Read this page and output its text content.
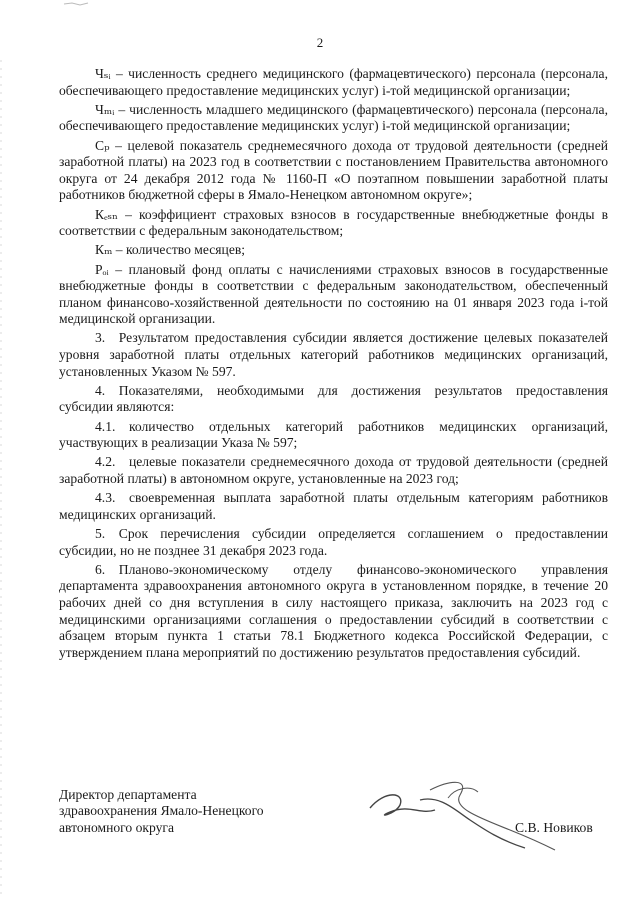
2

Чₛᵢ – численность среднего медицинского (фармацевтического) персонала (персонала, обеспечивающего предоставление медицинских услуг) i-той медицинской организации;

Чₘᵢ – численность младшего медицинского (фармацевтического) персонала (персонала, обеспечивающего предоставление медицинских услуг) i-той медицинской организации;

Сₚ – целевой показатель среднемесячного дохода от трудовой деятельности (средней заработной платы) на 2023 год в соответствии с постановлением Правительства автономного округа от 24 декабря 2012 года № 1160-П «О поэтапном повышении заработной платы работников бюджетной сферы в Ямало-Ненецком автономном округе»;

Кₑₛₙ – коэффициент страховых взносов в государственные внебюджетные фонды в соответствии с федеральным законодательством;

Кₘ – количество месяцев;

Рₒᵢ – плановый фонд оплаты с начислениями страховых взносов в государственные внебюджетные фонды в соответствии с федеральным законодательством, обеспеченный планом финансово-хозяйственной деятельности по состоянию на 01 января 2023 года i-той медицинской организации.

3. Результатом предоставления субсидии является достижение целевых показателей уровня заработной платы отдельных категорий работников медицинских организаций, установленных Указом № 597.

4. Показателями, необходимыми для достижения результатов предоставления субсидии являются:

4.1. количество отдельных категорий работников медицинских организаций, участвующих в реализации Указа № 597;

4.2. целевые показатели среднемесячного дохода от трудовой деятельности (средней заработной платы) в автономном округе, установленные на 2023 год;

4.3. своевременная выплата заработной платы отдельным категориям работников медицинских организаций.

5. Срок перечисления субсидии определяется соглашением о предоставлении субсидии, но не позднее 31 декабря 2023 года.

6. Планово-экономическому отделу финансово-экономического управления департамента здравоохранения автономного округа в установленном порядке, в течение 20 рабочих дней со дня вступления в силу настоящего приказа, заключить на 2023 год с медицинскими организациями соглашения о предоставлении субсидий в соответствии с абзацем вторым пункта 1 статьи 78.1 Бюджетного кодекса Российской Федерации, с утверждением плана мероприятий по достижению результатов предоставления субсидий.

Директор департамента
здравоохранения Ямало-Ненецкого
автономного округа	С.В. Новиков
